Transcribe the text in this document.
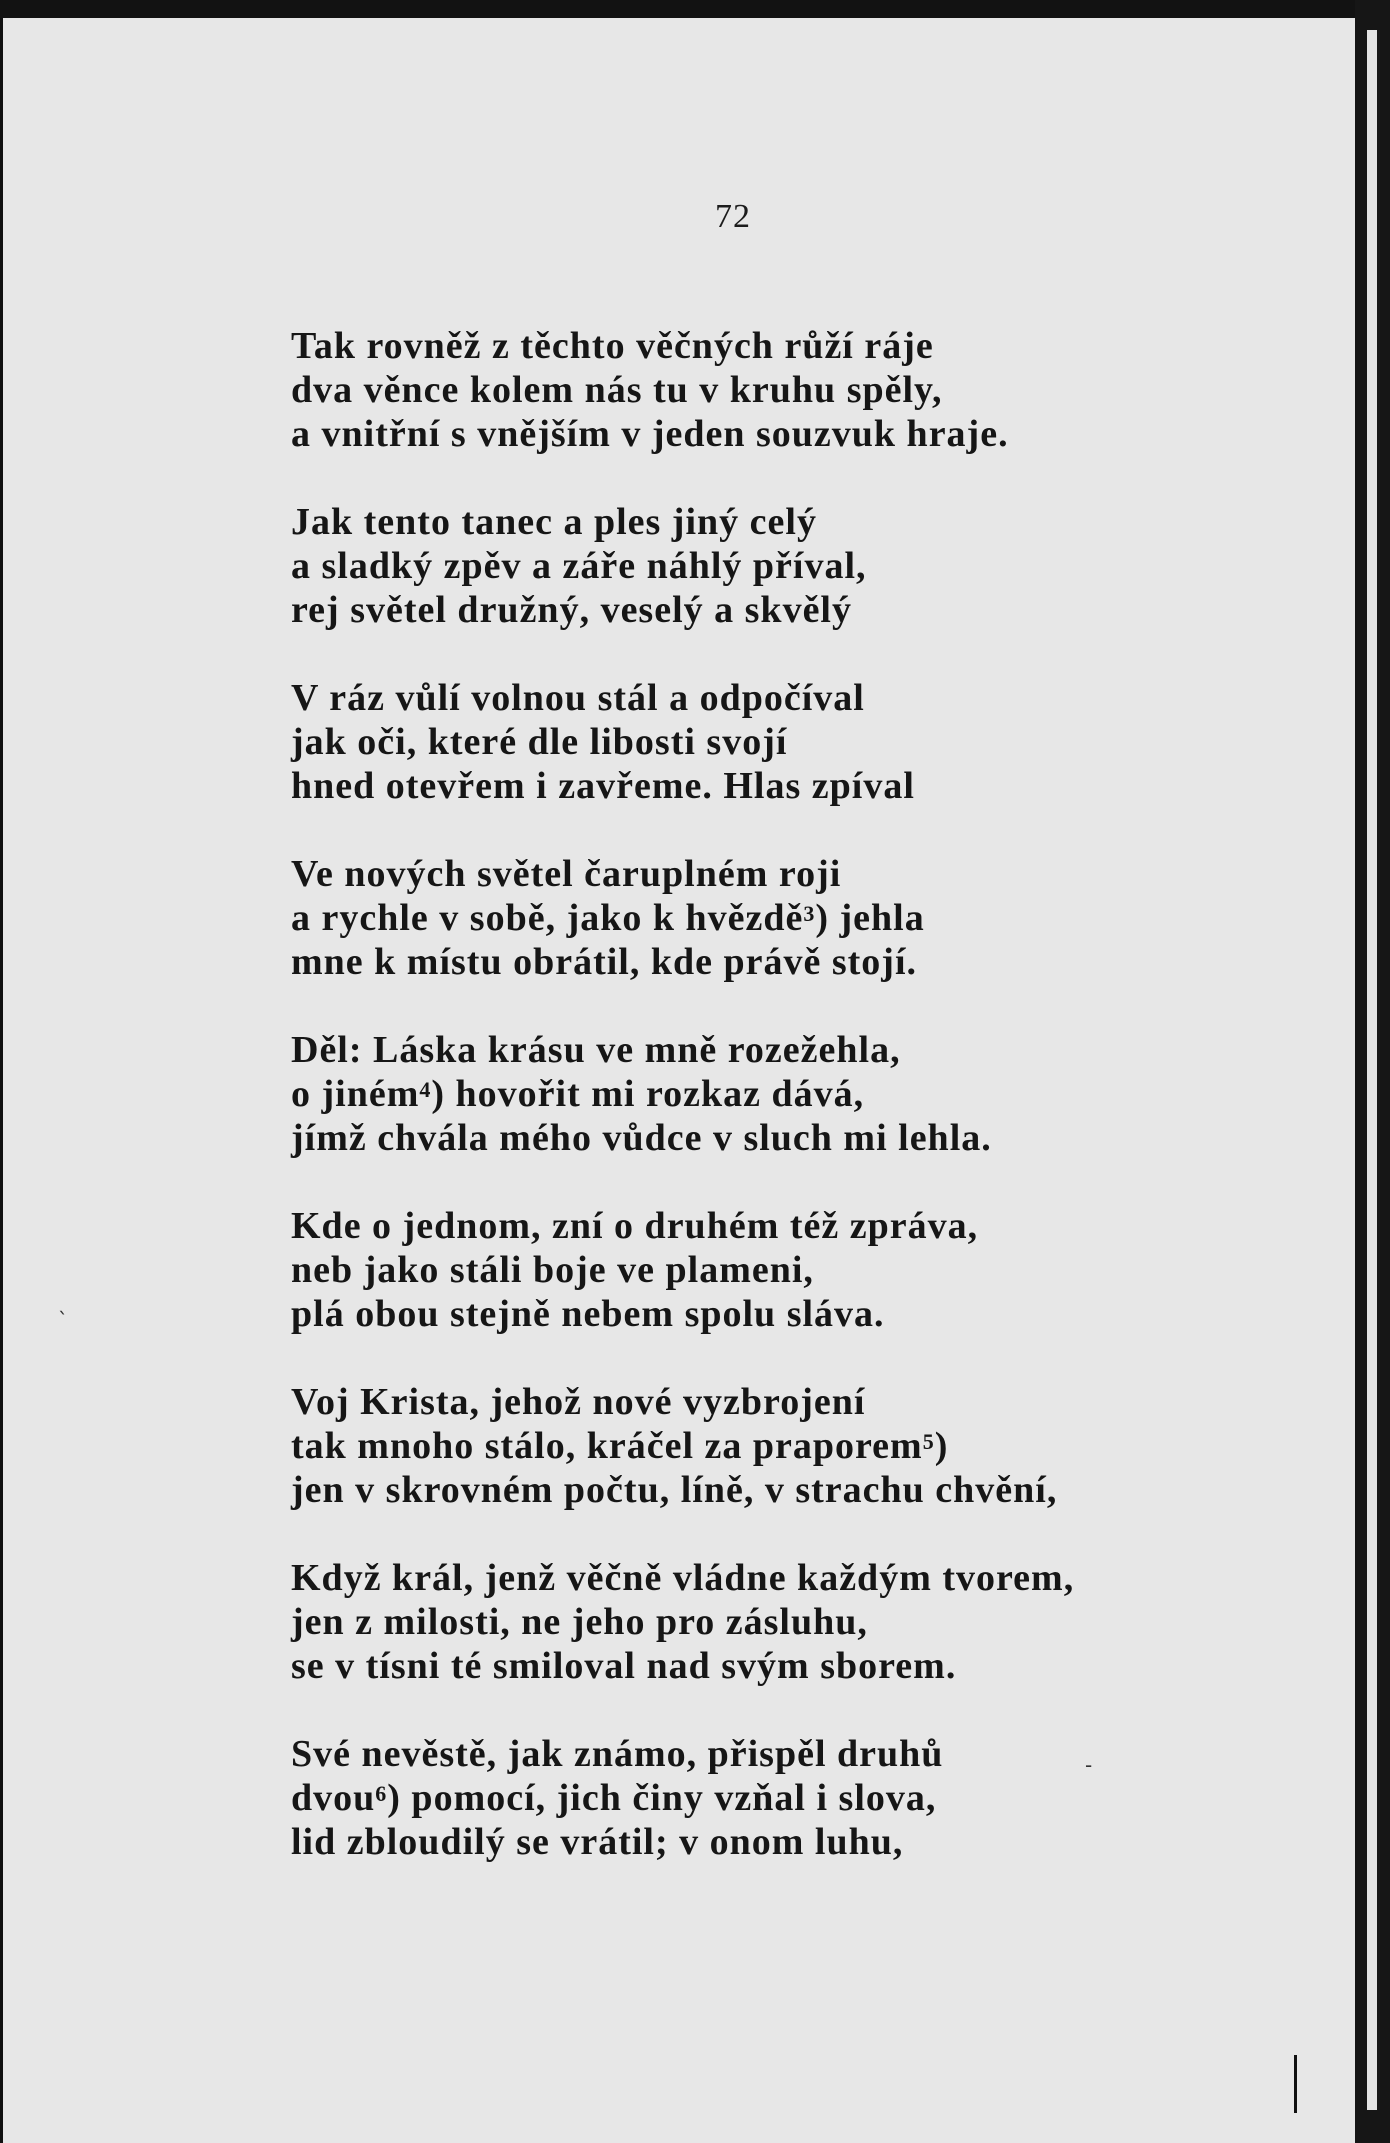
72
Tak rovněž z těchto věčných růží ráje
dva věnce kolem nás tu v kruhu spěly,
a vnitřní s vnějším v jeden souzvuk hraje.
Jak tento tanec a ples jiný celý
a sladký zpěv a záře náhlý příval,
rej světel družný, veselý a skvělý
V ráz vůlí volnou stál a odpočíval
jak oči, které dle libosti svojí
hned otevřem i zavřeme. Hlas zpíval
Ve nových světel čaruplném roji
a rychle v sobě, jako k hvězdě$^3$) jehla
mne k místu obrátil, kde právě stojí.
Děl: Láska krásu ve mně rozežehla,
o jiném$^4$) hovořit mi rozkaz dává,
jímž chvála mého vůdce v sluch mi lehla.
Kde o jednom, zní o druhém též zpráva,
neb jako stáli boje ve plameni,
plá obou stejně nebem spolu sláva.
Voj Krista, jehož nové vyzbrojení
tak mnoho stálo, kráčel za praporem$^5$)
jen v skrovném počtu, líně, v strachu chvění,
Když král, jenž věčně vládne každým tvorem,
jen z milosti, ne jeho pro zásluhu,
se v tísni té smiloval nad svým sborem.
Své nevěstě, jak známo, přispěl druhů
dvou$^6$) pomocí, jich činy vzňal i slova,
lid zbloudilý se vrátil; v onom luhu,
ˋ
-
